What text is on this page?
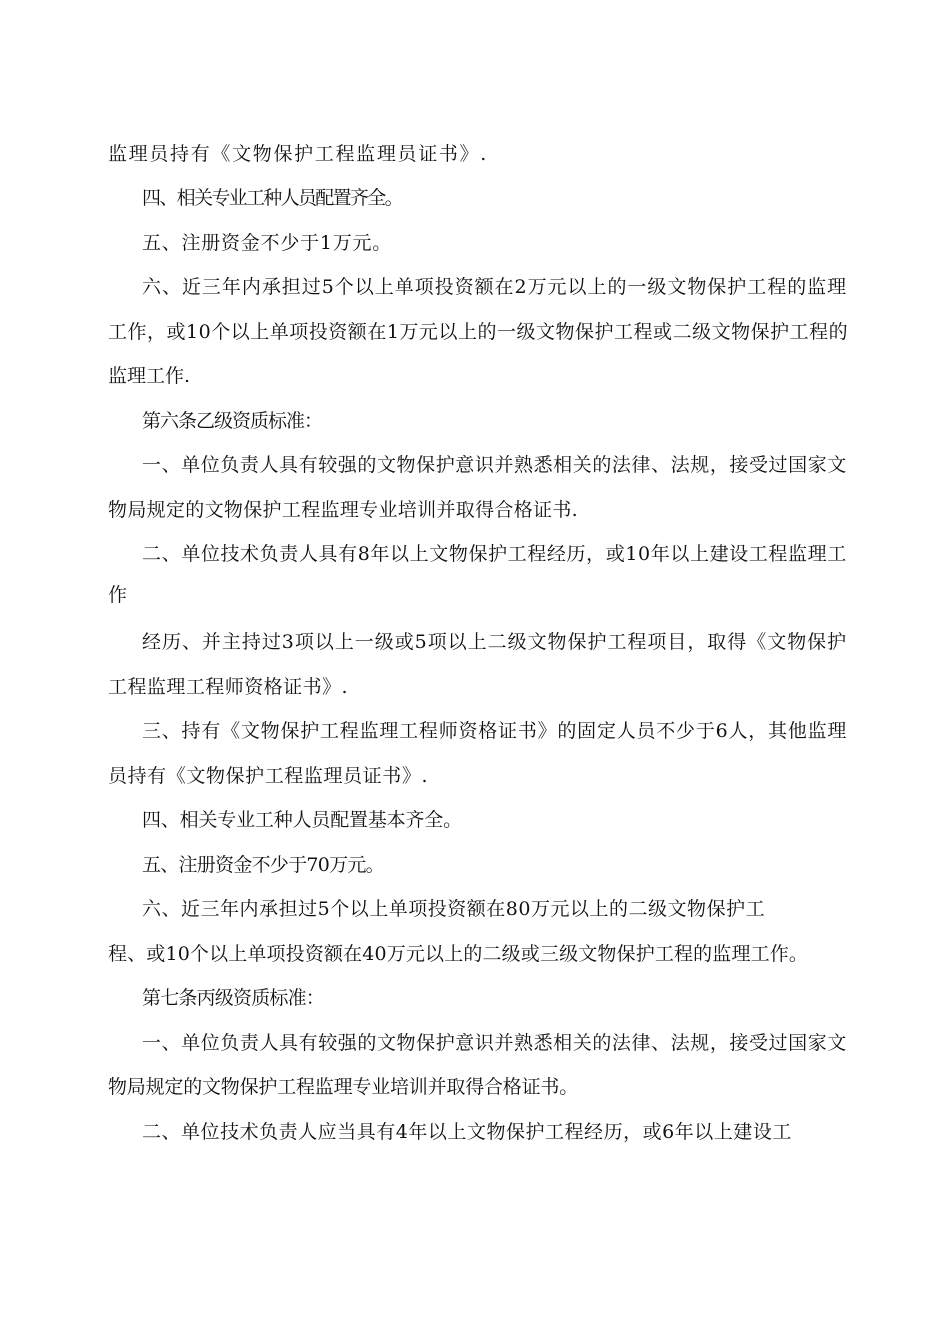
监理员持有《文物保护工程监理员证书》.
四、相关专业工种人员配置齐全。
五、注册资金不少于1万元。
六、近三年内承担过5个以上单项投资额在2万元以上的一级文物保护工程的监理
工作，或10个以上单项投资额在1万元以上的一级文物保护工程或二级文物保护工程的
监理工作.
第六条乙级资质标准：
一、单位负责人具有较强的文物保护意识并熟悉相关的法律、法规，接受过国家文
物局规定的文物保护工程监理专业培训并取得合格证书.
二、单位技术负责人具有8年以上文物保护工程经历，或10年以上建设工程监理工
作
经历、并主持过3项以上一级或5项以上二级文物保护工程项目，取得《文物保护
工程监理工程师资格证书》.
三、持有《文物保护工程监理工程师资格证书》的固定人员不少于6人，其他监理
员持有《文物保护工程监理员证书》.
四、相关专业工种人员配置基本齐全。
五、注册资金不少于70万元。
六、近三年内承担过5个以上单项投资额在80万元以上的二级文物保护工
程、或10个以上单项投资额在40万元以上的二级或三级文物保护工程的监理工作。
第七条丙级资质标准：
一、单位负责人具有较强的文物保护意识并熟悉相关的法律、法规，接受过国家文
物局规定的文物保护工程监理专业培训并取得合格证书。
二、单位技术负责人应当具有4年以上文物保护工程经历，或6年以上建设工
